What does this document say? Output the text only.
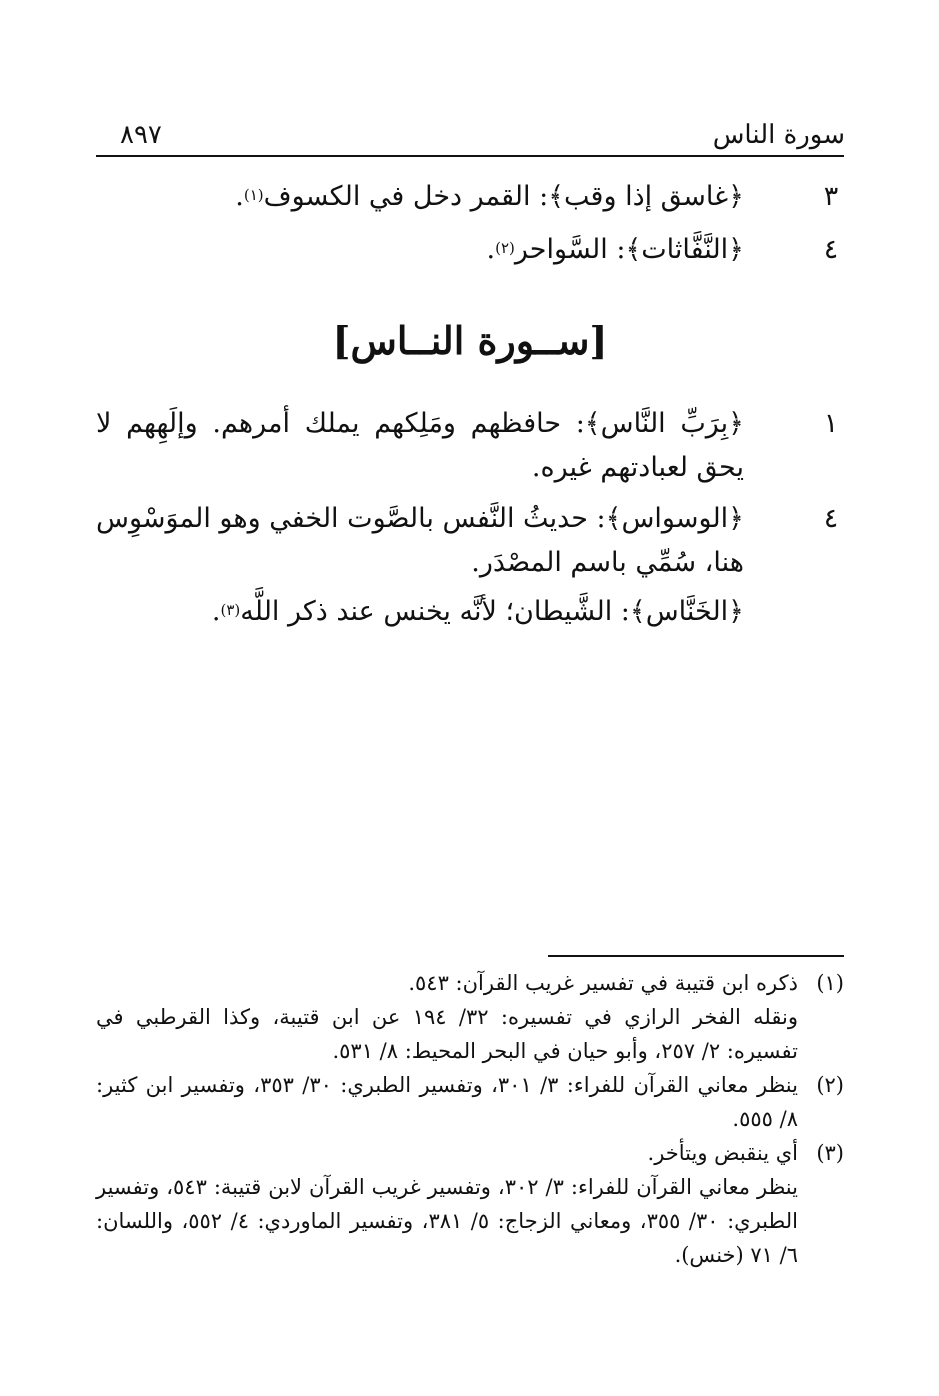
سورة الناس
٨٩٧
٣
﴿غاسق إذا وقب﴾: القمر دخل في الكسوف$^{(١)}$.
٤
﴿النَّفَّاثات﴾: السَّواحر$^{(٢)}$.
[ســورة النــاس]
١
﴿بِرَبِّ النَّاس﴾: حافظهم ومَلِكهم يملك أمرهم. وإلَهِهم لا يحق لعبادتهم غيره.
٤
﴿الوسواس﴾: حديثُ النَّفس بالصَّوت الخفي وهو الموَسْوِس هنا، سُمِّي باسم المصْدَر.
﴿الخَنَّاس﴾: الشَّيطان؛ لأنَّه يخنس عند ذكر اللَّه$^{(٣)}$.
(١)
ذكره ابن قتيبة في تفسير غريب القرآن: ٥٤٣.
ونقله الفخر الرازي في تفسيره: ٣٢/ ١٩٤ عن ابن قتيبة، وكذا القرطبي في تفسيره: ٢/ ٢٥٧، وأبو حيان في البحر المحيط: ٨/ ٥٣١.
(٢)
ينظر معاني القرآن للفراء: ٣/ ٣٠١، وتفسير الطبري: ٣٠/ ٣٥٣، وتفسير ابن كثير: ٨/ ٥٥٥.
(٣)
أي ينقبض ويتأخر.
ينظر معاني القرآن للفراء: ٣/ ٣٠٢، وتفسير غريب القرآن لابن قتيبة: ٥٤٣، وتفسير الطبري: ٣٠/ ٣٥٥، ومعاني الزجاج: ٥/ ٣٨١، وتفسير الماوردي: ٤/ ٥٥٢، واللسان: ٦/ ٧١ (خنس).
